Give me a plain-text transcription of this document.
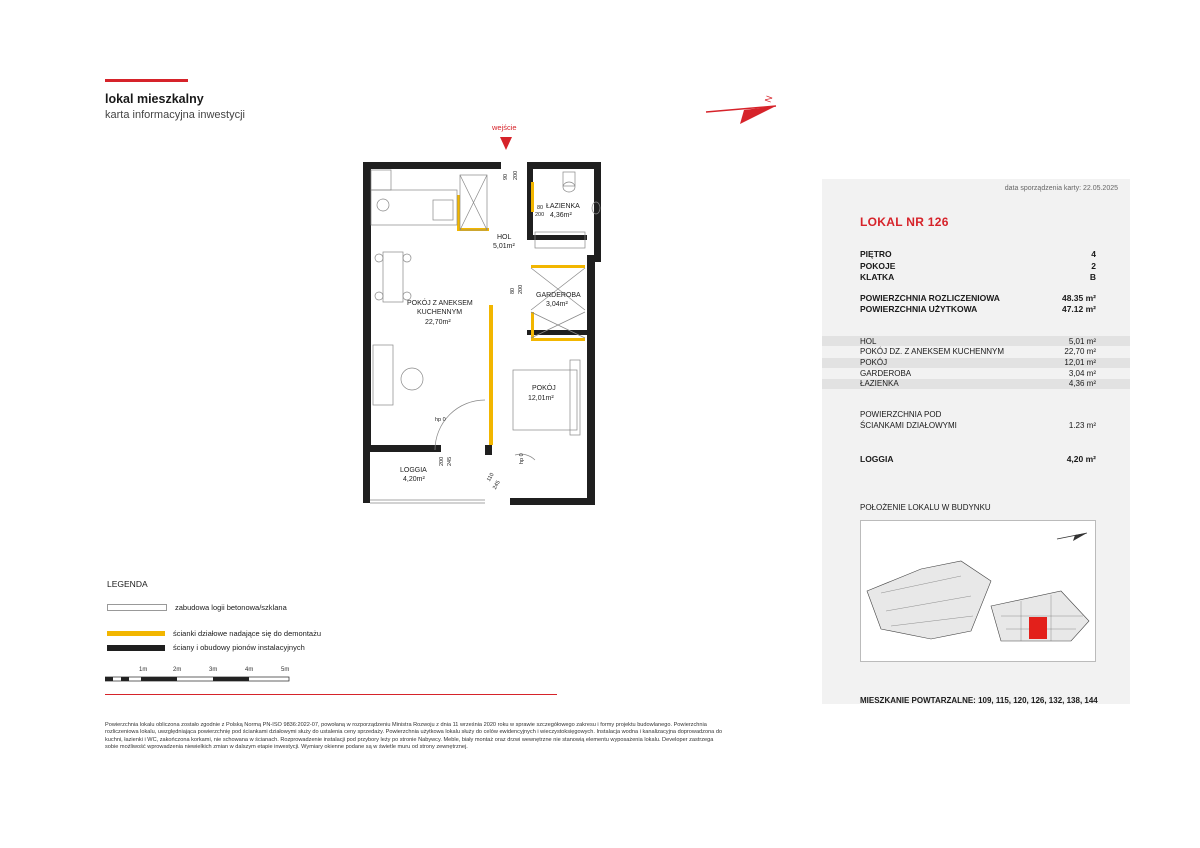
lokal mieszkalny
karta informacyjna inwestycji
N
wejście
ŁAZIENKA
4,36m²
HOL
5,01m²
GARDEROBA
3,04m²
POKÓJ Z ANEKSEM
KUCHENNYM
22,70m²
POKÓJ
12,01m²
LOGGIA
4,20m²
90 200
80
200
80 200
hp 0
200 245
110
245
hp 0
data sporządzenia karty: 22.05.2025
LOKAL NR 126
PIĘTRO	4
POKOJE	2
KLATKA	B
POWIERZCHNIA ROZLICZENIOWA	48.35 m²
POWIERZCHNIA UŻYTKOWA	47.12 m²
HOL	5,01 m²
POKÓJ DZ. Z ANEKSEM KUCHENNYM	22,70 m²
POKÓJ	12,01 m²
GARDEROBA	3,04 m²
ŁAZIENKA	4,36 m²
POWIERZCHNIA POD
ŚCIANKAMI DZIAŁOWYMI	1.23 m²
LOGGIA	4,20 m²
POŁOŻENIE LOKALU W BUDYNKU
MIESZKANIE POWTARZALNE: 109, 115, 120, 126, 132, 138, 144
LEGENDA
zabudowa logii betonowa/szklana
ścianki działowe nadające się do demontażu
ściany i obudowy pionów instalacyjnych
1m	2m	3m	4m	5m
Powierzchnia lokalu obliczona zostało zgodnie z Polską Normą PN-ISO 9836:2022-07, powołaną w rozporządzeniu Ministra Rozwoju z dnia 11 września 2020 roku w sprawie szczegółowego zakresu i formy projektu budowlanego. Powierzchnia rozliczeniowa lokalu, uwzględniająca powierzchnię pod ściankami działowymi służy do ustalenia ceny sprzedaży. Powierzchnia użytkowa lokalu służy do celów ewidencyjnych i wieczystoksięgowych. Instalacja wodna i kanalizacyjna doprowadzona do kuchni, łazienki i WC, zakończona korkami, nie schowana w ścianach. Rozprowadzenie instalacji pod przybory leży po stronie Nabywcy. Meble, biały montaż oraz drzwi wewnętrzne nie stanowią elementu wyposażenia lokalu. Developer zastrzega sobie możliwość wprowadzenia niewielkich zmian w dalszym etapie inwestycji. Wymiary okienne podane są w świetle muru od strony zewnętrznej.
